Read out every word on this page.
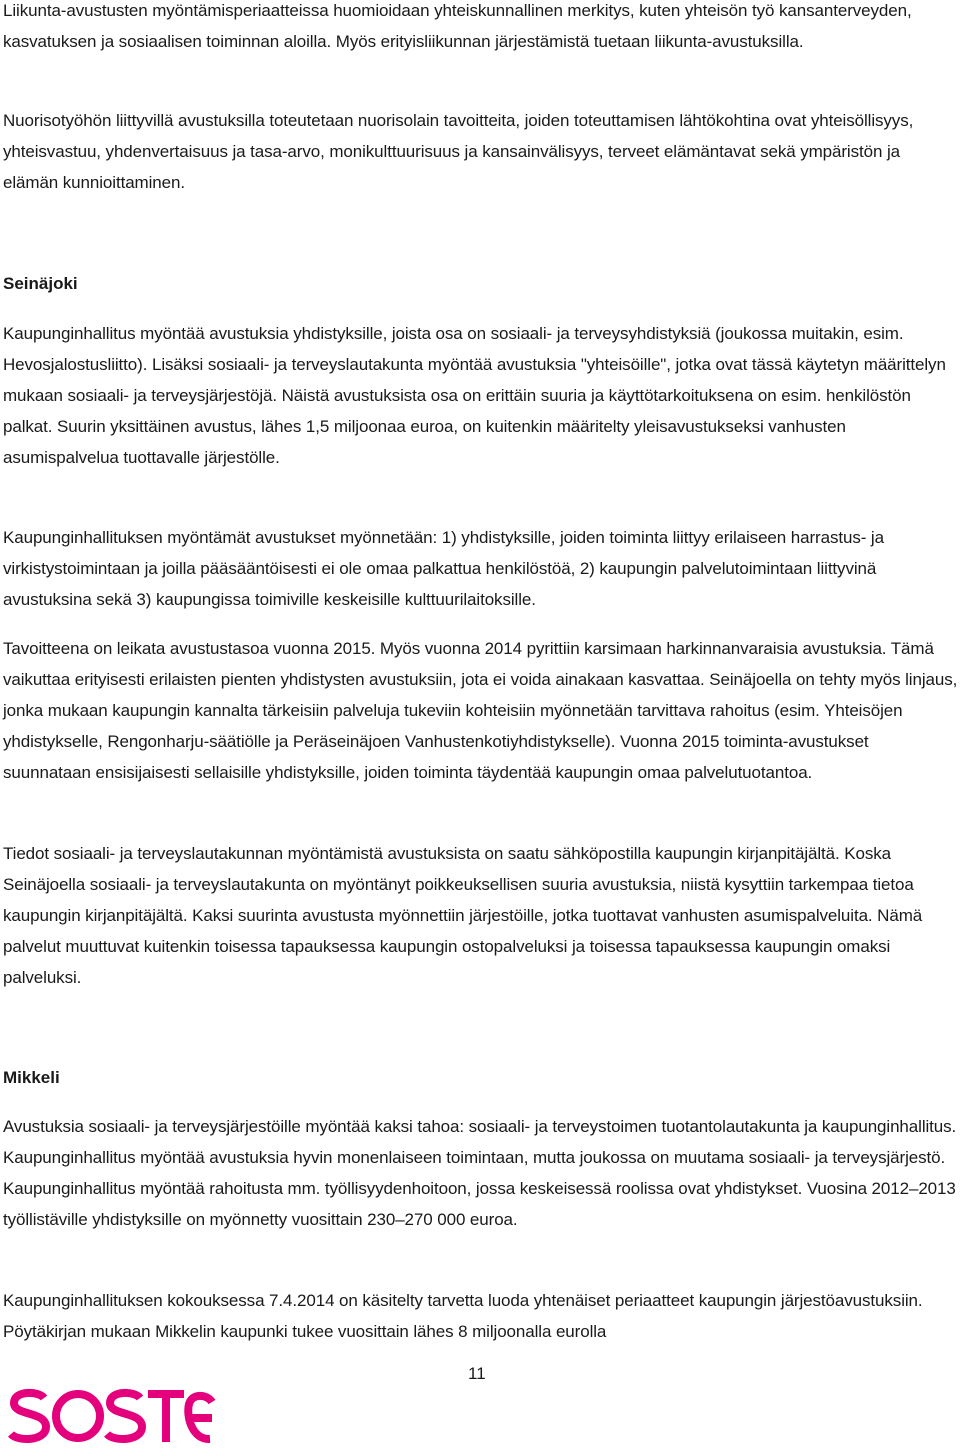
Liikunta-avustusten myöntämisperiaatteissa huomioidaan yhteiskunnallinen merkitys, kuten yhteisön työ kansanterveyden, kasvatuksen ja sosiaalisen toiminnan aloilla. Myös erityisliikunnan järjestämistä tuetaan liikunta-avustuksilla.

Nuorisotyöhön liittyvillä avustuksilla toteutetaan nuorisolain tavoitteita, joiden toteuttamisen lähtökohtina ovat yhteisöllisyys, yhteisvastuu, yhdenvertaisuus ja tasa-arvo, monikulttuurisuus ja kansainvälisyys, terveet elämäntavat sekä ympäristön ja elämän kunnioittaminen.

Seinäjoki

Kaupunginhallitus myöntää avustuksia yhdistyksille, joista osa on sosiaali- ja terveysyhdistyksiä (joukossa muitakin, esim. Hevosjalostusliitto). Lisäksi sosiaali- ja terveyslautakunta myöntää avustuksia "yhteisöille", jotka ovat tässä käytetyn määrittelyn mukaan sosiaali- ja terveysjärjestöjä. Näistä avustuksista osa on erittäin suuria ja käyttötarkoituksena on esim. henkilöstön palkat. Suurin yksittäinen avustus, lähes 1,5 miljoonaa euroa, on kuitenkin määritelty yleisavustukseksi vanhusten asumispalvelua tuottavalle järjestölle.

Kaupunginhallituksen myöntämät avustukset myönnetään: 1) yhdistyksille, joiden toiminta liittyy erilaiseen harrastus- ja virkistystoimintaan ja joilla pääsääntöisesti ei ole omaa palkattua henkilöstöä, 2) kaupungin palvelutoimintaan liittyvinä avustuksina sekä 3) kaupungissa toimiville keskeisille kulttuurilaitoksille.

Tavoitteena on leikata avustustasoa vuonna 2015. Myös vuonna 2014 pyrittiin karsimaan harkinnanvaraisia avustuksia. Tämä vaikuttaa erityisesti erilaisten pienten yhdistysten avustuksiin, jota ei voida ainakaan kasvattaa. Seinäjoella on tehty myös linjaus, jonka mukaan kaupungin kannalta tärkeisiin palveluja tukeviin kohteisiin myönnetään tarvittava rahoitus (esim. Yhteisöjen yhdistykselle, Rengonharju-säätiölle ja Peräseinäjoen Vanhustenkotiyhdistykselle). Vuonna 2015 toiminta-avustukset suunnataan ensisijaisesti sellaisille yhdistyksille, joiden toiminta täydentää kaupungin omaa palvelutuotantoa.

Tiedot sosiaali- ja terveyslautakunnan myöntämistä avustuksista on saatu sähköpostilla kaupungin kirjanpitäjältä. Koska Seinäjoella sosiaali- ja terveyslautakunta on myöntänyt poikkeuksellisen suuria avustuksia, niistä kysyttiin tarkempaa tietoa kaupungin kirjanpitäjältä. Kaksi suurinta avustusta myönnettiin järjestöille, jotka tuottavat vanhusten asumispalveluita. Nämä palvelut muuttuvat kuitenkin toisessa tapauksessa kaupungin ostopalveluksi ja toisessa tapauksessa kaupungin omaksi palveluksi.

Mikkeli

Avustuksia sosiaali- ja terveysjärjestöille myöntää kaksi tahoa: sosiaali- ja terveystoimen tuotantolautakunta ja kaupunginhallitus. Kaupunginhallitus myöntää avustuksia hyvin monenlaiseen toimintaan, mutta joukossa on muutama sosiaali- ja terveysjärjestö. Kaupunginhallitus myöntää rahoitusta mm. työllisyydenhoitoon, jossa keskeisessä roolissa ovat yhdistykset. Vuosina 2012–2013 työllistäville yhdistyksille on myönnetty vuosittain 230–270 000 euroa.

Kaupunginhallituksen kokouksessa 7.4.2014 on käsitelty tarvetta luoda yhtenäiset periaatteet kaupungin järjestöavustuksiin. Pöytäkirjan mukaan Mikkelin kaupunki tukee vuosittain lähes 8 miljoonalla eurolla

11
